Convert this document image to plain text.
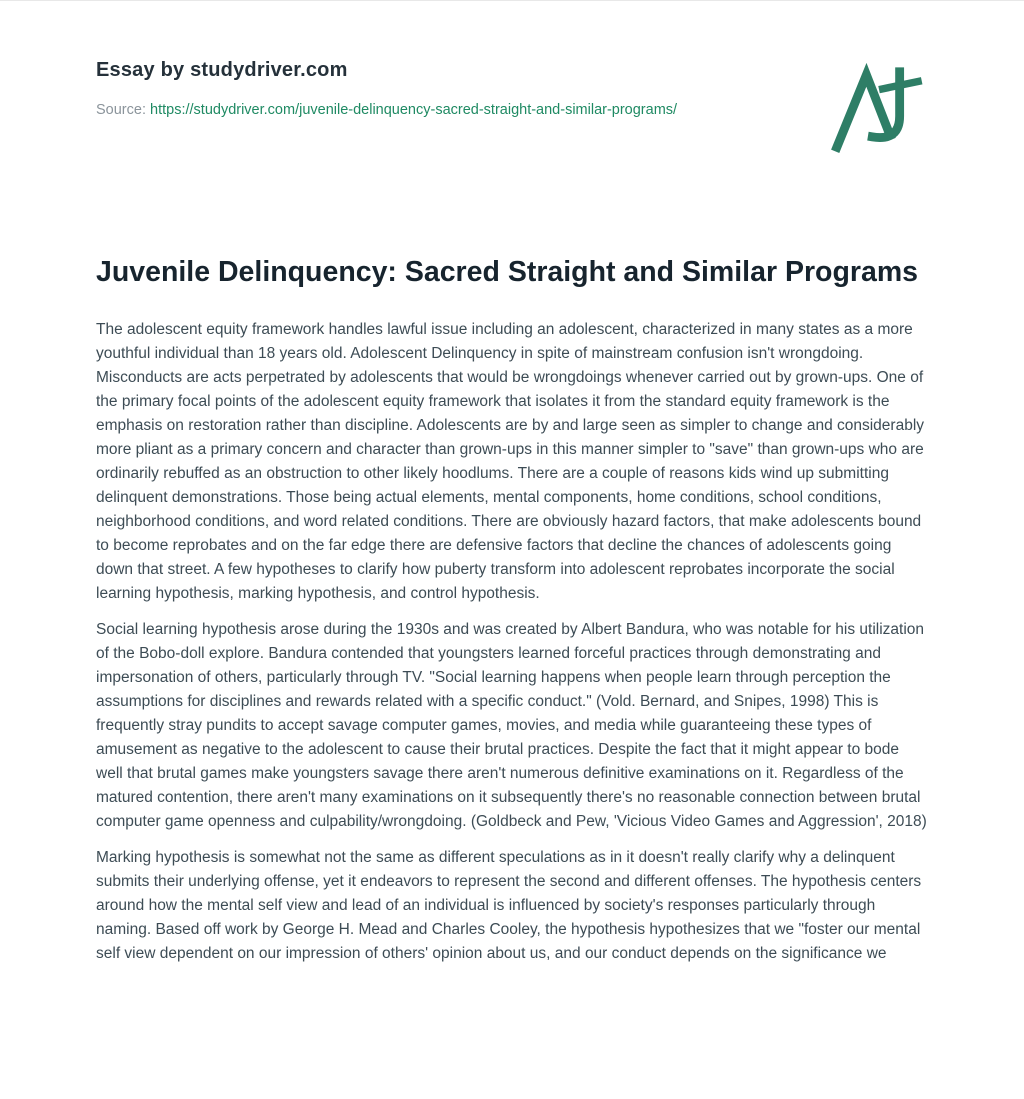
Essay by studydriver.com
Source: https://studydriver.com/juvenile-delinquency-sacred-straight-and-similar-programs/
Juvenile Delinquency: Sacred Straight and Similar Programs

The adolescent equity framework handles lawful issue including an adolescent, characterized in many states as a more youthful individual than 18 years old. Adolescent Delinquency in spite of mainstream confusion isn't wrongdoing. Misconducts are acts perpetrated by adolescents that would be wrongdoings whenever carried out by grown-ups. One of the primary focal points of the adolescent equity framework that isolates it from the standard equity framework is the emphasis on restoration rather than discipline. Adolescents are by and large seen as simpler to change and considerably more pliant as a primary concern and character than grown-ups in this manner simpler to "save" than grown-ups who are ordinarily rebuffed as an obstruction to other likely hoodlums. There are a couple of reasons kids wind up submitting delinquent demonstrations. Those being actual elements, mental components, home conditions, school conditions, neighborhood conditions, and word related conditions. There are obviously hazard factors, that make adolescents bound to become reprobates and on the far edge there are defensive factors that decline the chances of adolescents going down that street. A few hypotheses to clarify how puberty transform into adolescent reprobates incorporate the social learning hypothesis, marking hypothesis, and control hypothesis.

Social learning hypothesis arose during the 1930s and was created by Albert Bandura, who was notable for his utilization of the Bobo-doll explore. Bandura contended that youngsters learned forceful practices through demonstrating and impersonation of others, particularly through TV. "Social learning happens when people learn through perception the assumptions for disciplines and rewards related with a specific conduct." (Vold. Bernard, and Snipes, 1998) This is frequently stray pundits to accept savage computer games, movies, and media while guaranteeing these types of amusement as negative to the adolescent to cause their brutal practices. Despite the fact that it might appear to bode well that brutal games make youngsters savage there aren't numerous definitive examinations on it. Regardless of the matured contention, there aren't many examinations on it subsequently there's no reasonable connection between brutal computer game openness and culpability/wrongdoing. (Goldbeck and Pew, 'Vicious Video Games and Aggression', 2018)

Marking hypothesis is somewhat not the same as different speculations as in it doesn't really clarify why a delinquent submits their underlying offense, yet it endeavors to represent the second and different offenses. The hypothesis centers around how the mental self view and lead of an individual is influenced by society's responses particularly through naming. Based off work by George H. Mead and Charles Cooley, the hypothesis hypothesizes that we "foster our mental self view dependent on our impression of others' opinion about us, and our conduct depends on the significance we
